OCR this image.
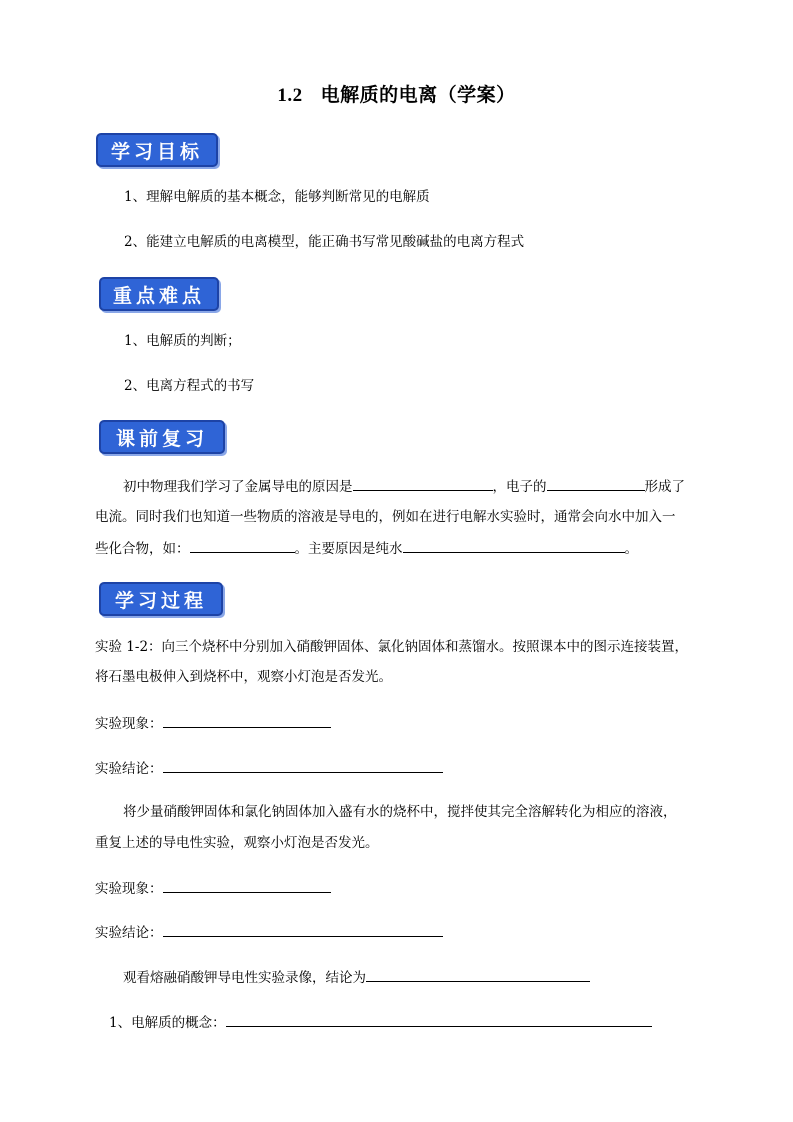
1.2 电解质的电离（学案）
学习目标
1、理解电解质的基本概念，能够判断常见的电解质
2、能建立电解质的电离模型，能正确书写常见酸碱盐的电离方程式
重点难点
1、电解质的判断；
2、电离方程式的书写
课前复习
初中物理我们学习了金属导电的原因是	，电子的	形成了
电流。同时我们也知道一些物质的溶液是导电的，例如在进行电解水实验时，通常会向水中加入一
些化合物，如：	。主要原因是纯水	。
学习过程
实验 1-2：向三个烧杯中分别加入硝酸钾固体、氯化钠固体和蒸馏水。按照课本中的图示连接装置，
将石墨电极伸入到烧杯中，观察小灯泡是否发光。
实验现象：
实验结论：
将少量硝酸钾固体和氯化钠固体加入盛有水的烧杯中，搅拌使其完全溶解转化为相应的溶液，
重复上述的导电性实验，观察小灯泡是否发光。
实验现象：
实验结论：
观看熔融硝酸钾导电性实验录像，结论为
1、电解质的概念：
